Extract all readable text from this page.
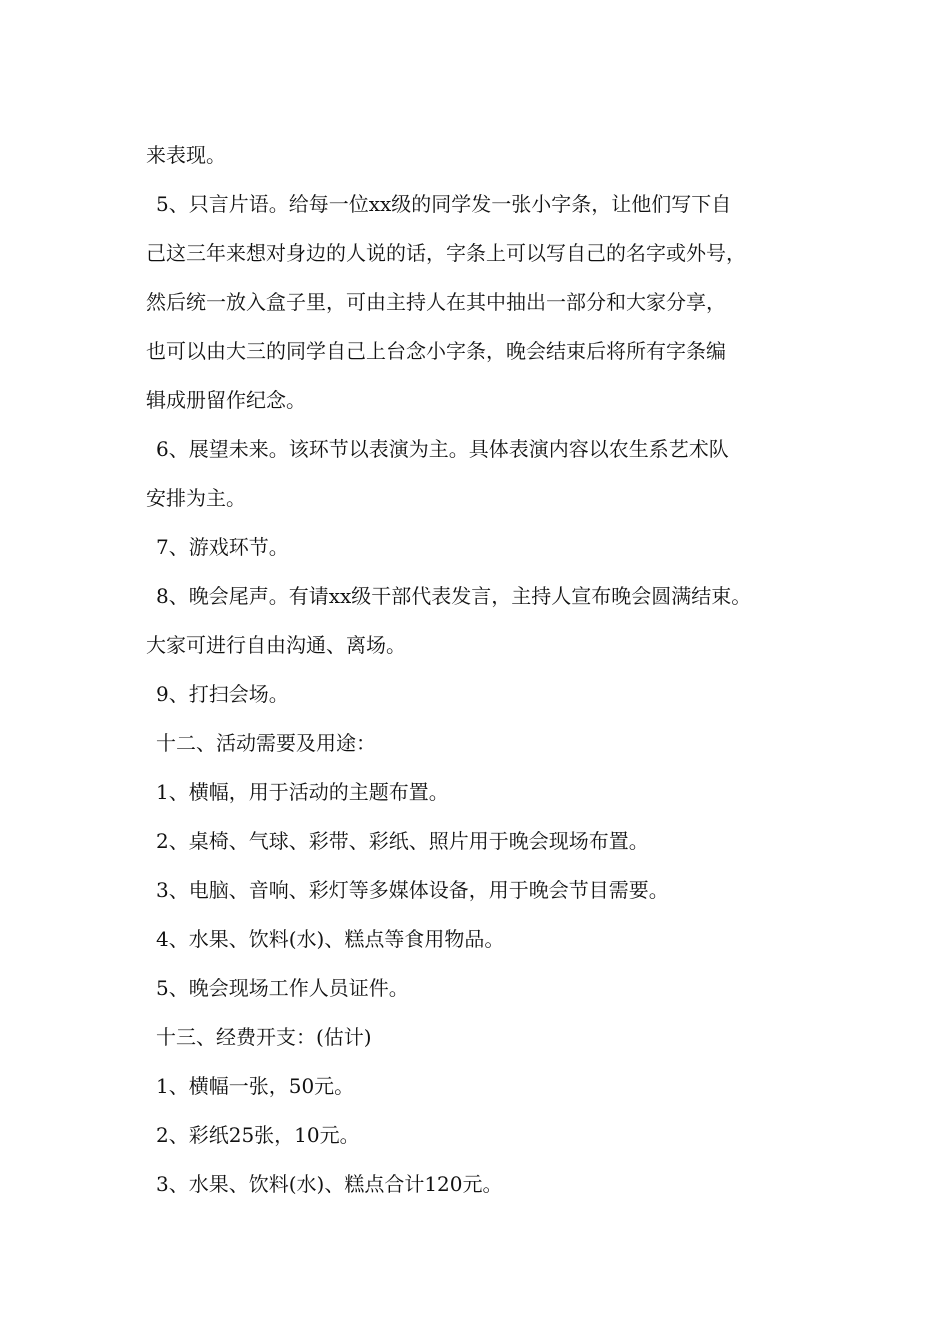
来表现。
5、只言片语。给每一位xx级的同学发一张小字条，让他们写下自
己这三年来想对身边的人说的话，字条上可以写自己的名字或外号，
然后统一放入盒子里，可由主持人在其中抽出一部分和大家分享，
也可以由大三的同学自己上台念小字条，晚会结束后将所有字条编
辑成册留作纪念。
6、展望未来。该环节以表演为主。具体表演内容以农生系艺术队
安排为主。
7、游戏环节。
8、晚会尾声。有请xx级干部代表发言，主持人宣布晚会圆满结束。
大家可进行自由沟通、离场。
9、打扫会场。
十二、活动需要及用途：
1、横幅，用于活动的主题布置。
2、桌椅、气球、彩带、彩纸、照片用于晚会现场布置。
3、电脑、音响、彩灯等多媒体设备，用于晚会节目需要。
4、水果、饮料(水)、糕点等食用物品。
5、晚会现场工作人员证件。
十三、经费开支：(估计)
1、横幅一张，50元。
2、彩纸25张，10元。
3、水果、饮料(水)、糕点合计120元。
